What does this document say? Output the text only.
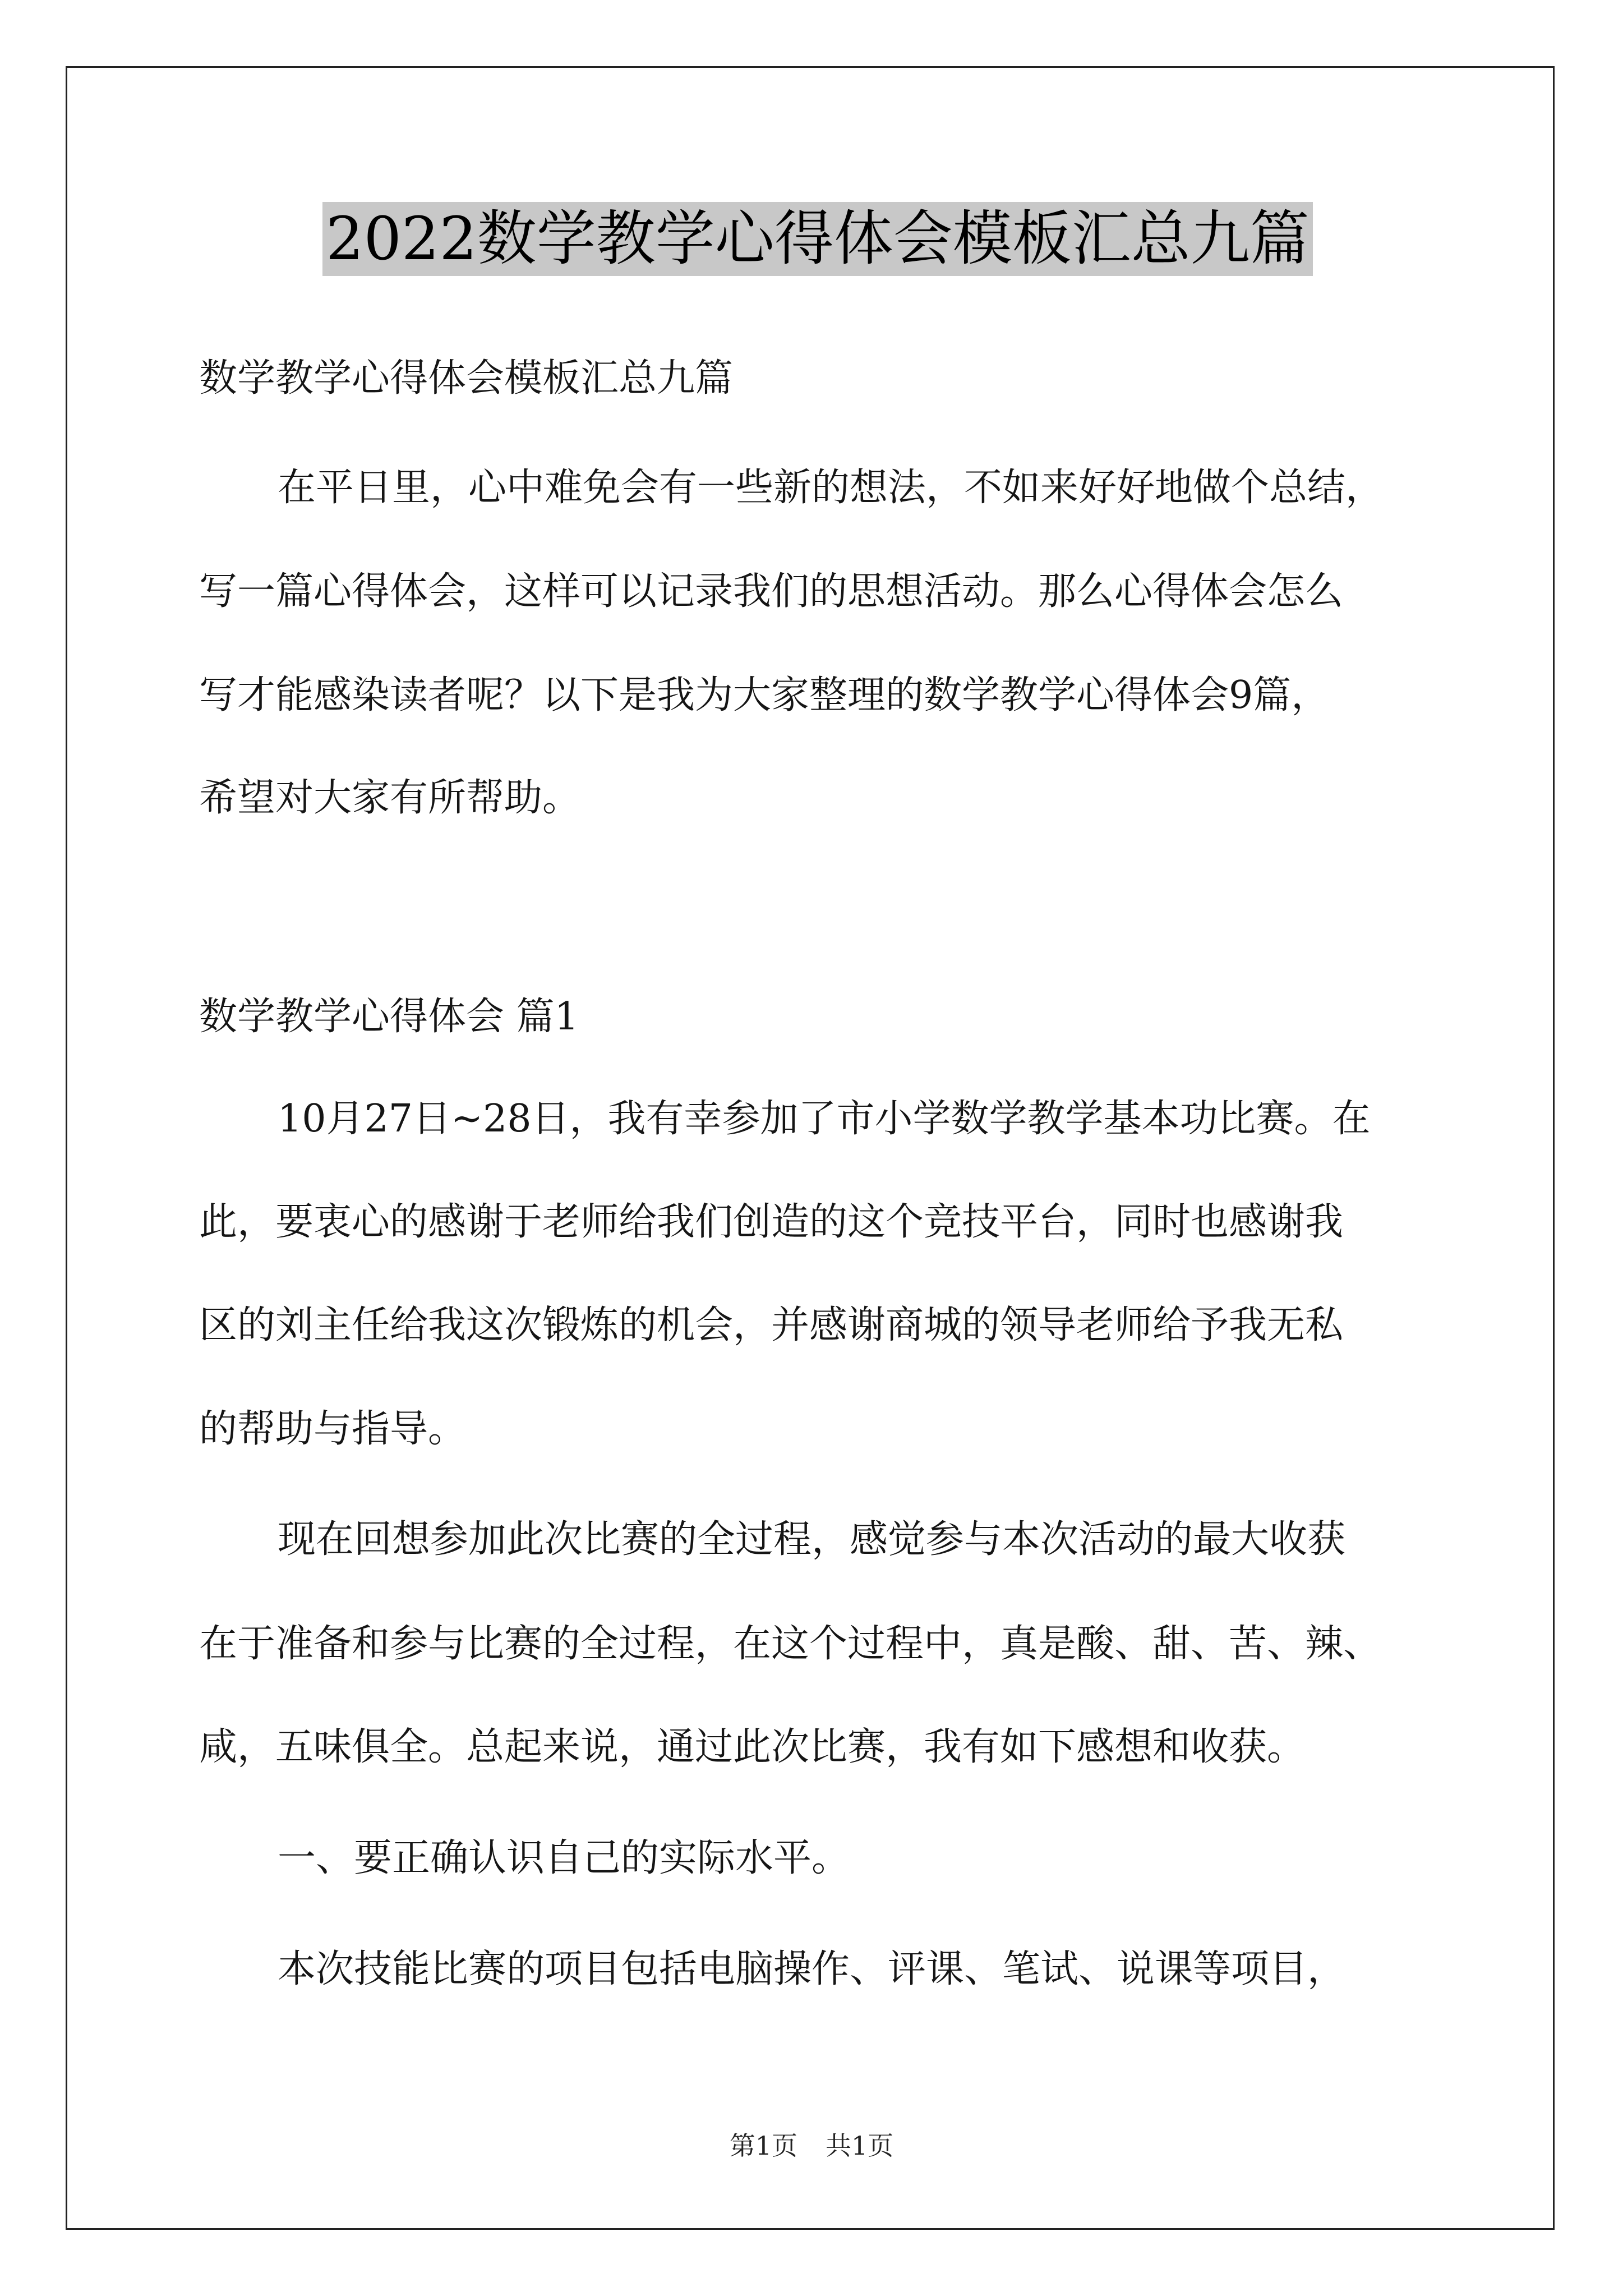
2022数学教学心得体会模板汇总九篇
数学教学心得体会模板汇总九篇
在平日里，心中难免会有一些新的想法，不如来好好地做个总结，
写一篇心得体会，这样可以记录我们的思想活动。那么心得体会怎么
写才能感染读者呢？以下是我为大家整理的数学教学心得体会9篇，
希望对大家有所帮助。
数学教学心得体会 篇1
10月27日~28日，我有幸参加了市小学数学教学基本功比赛。在
此，要衷心的感谢于老师给我们创造的这个竞技平台，同时也感谢我
区的刘主任给我这次锻炼的机会，并感谢商城的领导老师给予我无私
的帮助与指导。
现在回想参加此次比赛的全过程，感觉参与本次活动的最大收获
在于准备和参与比赛的全过程，在这个过程中，真是酸、甜、苦、辣、
咸，五味俱全。总起来说，通过此次比赛，我有如下感想和收获。
一、要正确认识自己的实际水平。
本次技能比赛的项目包括电脑操作、评课、笔试、说课等项目，
第1页 共1页
